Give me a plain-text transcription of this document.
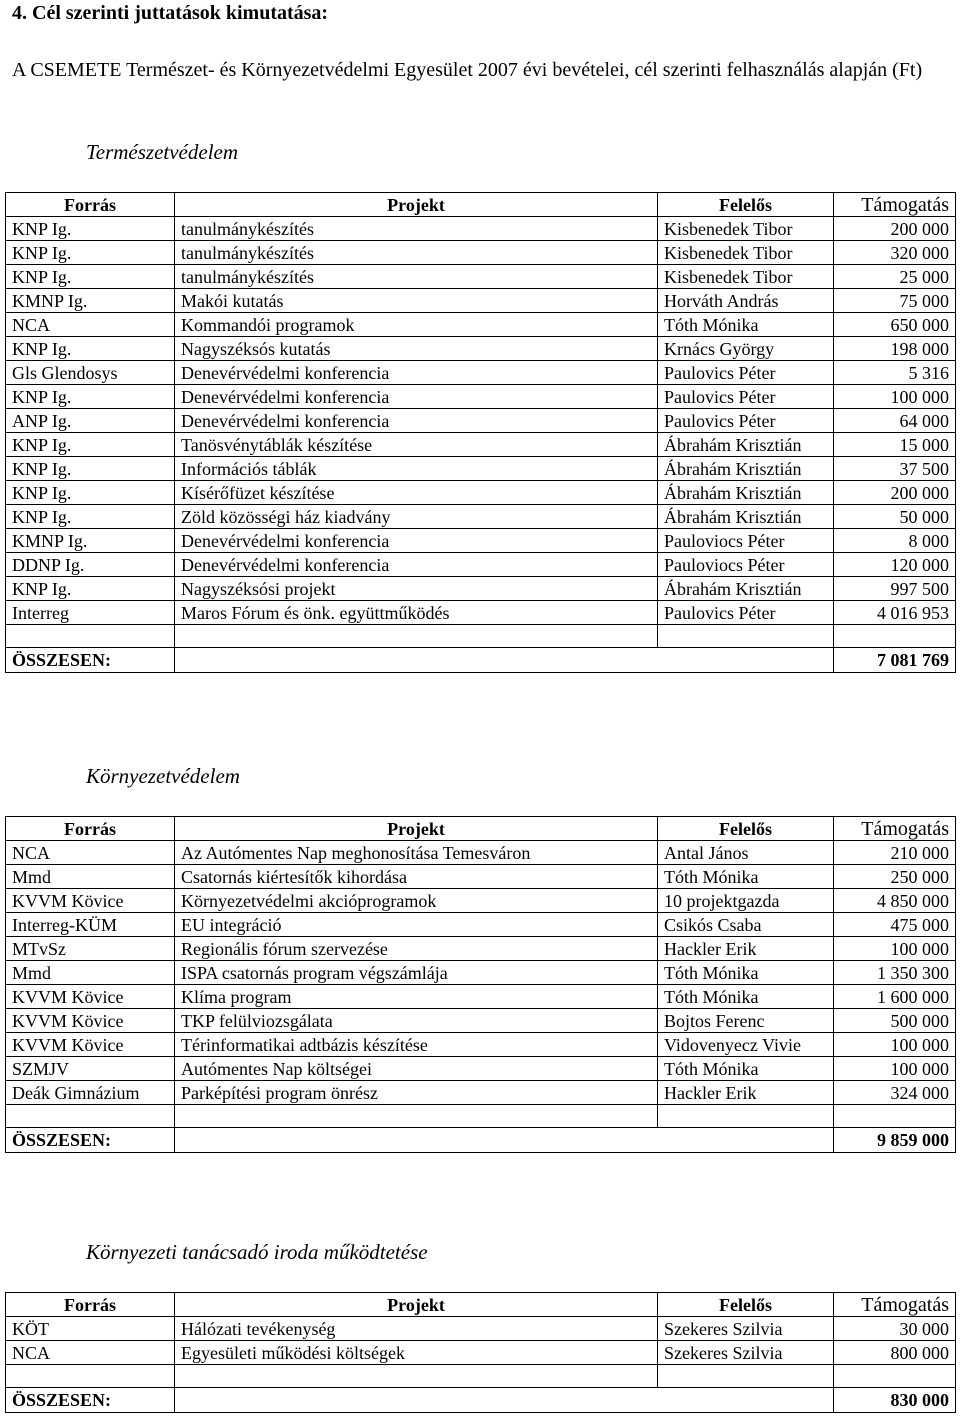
4. Cél szerinti juttatások kimutatása:
A CSEMETE Természet- és Környezetvédelmi Egyesület 2007 évi bevételei, cél szerinti felhasználás alapján (Ft)
Természetvédelem
Forrás	Projekt	Felelős	Támogatás
KNP Ig.	tanulmánykészítés	Kisbenedek Tibor	200 000
KNP Ig.	tanulmánykészítés	Kisbenedek Tibor	320 000
KNP Ig.	tanulmánykészítés	Kisbenedek Tibor	25 000
KMNP Ig.	Makói kutatás	Horváth András	75 000
NCA	Kommandói programok	Tóth Mónika	650 000
KNP Ig.	Nagyszéksós kutatás	Krnács György	198 000
Gls Glendosys	Denevérvédelmi konferencia	Paulovics Péter	5 316
KNP Ig.	Denevérvédelmi konferencia	Paulovics Péter	100 000
ANP Ig.	Denevérvédelmi konferencia	Paulovics Péter	64 000
KNP Ig.	Tanösvénytáblák készítése	Ábrahám Krisztián	15 000
KNP Ig.	Információs táblák	Ábrahám Krisztián	37 500
KNP Ig.	Kísérőfüzet készítése	Ábrahám Krisztián	200 000
KNP Ig.	Zöld közösségi ház kiadvány	Ábrahám Krisztián	50 000
KMNP Ig.	Denevérvédelmi konferencia	Pauloviocs Péter	8 000
DDNP Ig.	Denevérvédelmi konferencia	Pauloviocs Péter	120 000
KNP Ig.	Nagyszéksósi projekt	Ábrahám Krisztián	997 500
Interreg	Maros Fórum és önk. együttműködés	Paulovics Péter	4 016 953

ÖSSZESEN:			7 081 769
Környezetvédelem
Forrás	Projekt	Felelős	Támogatás
NCA	Az Autómentes Nap meghonosítása Temesváron	Antal János	210 000
Mmd	Csatornás kiértesítők kihordása	Tóth Mónika	250 000
KVVM Kövice	Környezetvédelmi akcióprogramok	10 projektgazda	4 850 000
Interreg-KÜM	EU integráció	Csikós Csaba	475 000
MTvSz	Regionális fórum szervezése	Hackler Erik	100 000
Mmd	ISPA csatornás program végszámlája	Tóth Mónika	1 350 300
KVVM Kövice	Klíma program	Tóth Mónika	1 600 000
KVVM Kövice	TKP felülviozsgálata	Bojtos Ferenc	500 000
KVVM Kövice	Térinformatikai adtbázis készítése	Vidovenyecz Vivie	100 000
SZMJV	Autómentes Nap költségei	Tóth Mónika	100 000
Deák Gimnázium	Parképítési program önrész	Hackler Erik	324 000

ÖSSZESEN:			9 859 000
Környezeti tanácsadó iroda működtetése
Forrás	Projekt	Felelős	Támogatás
KÖT	Hálózati tevékenység	Szekeres Szilvia	30 000
NCA	Egyesületi működési költségek	Szekeres Szilvia	800 000

ÖSSZESEN:			830 000
